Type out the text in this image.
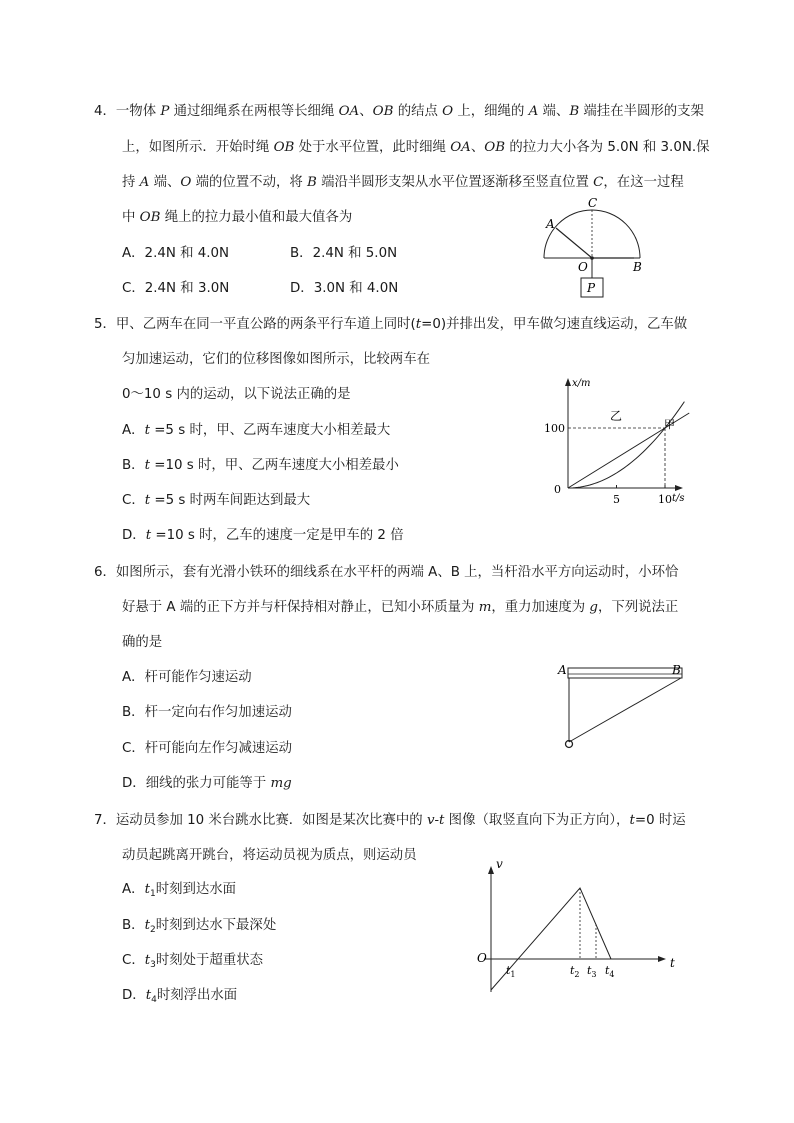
4．一物体 P 通过细绳系在两根等长细绳 OA、OB 的结点 O 上，细绳的 A 端、B 端挂在半圆形的支架
上，如图所示．开始时绳 OB 处于水平位置，此时细绳 OA、OB 的拉力大小各为 5.0N 和 3.0N.保
持 A 端、O 端的位置不动，将 B 端沿半圆形支架从水平位置逐渐移至竖直位置 C，在这一过程
中 OB 绳上的拉力最小值和最大值各为
A．2.4N 和 4.0N	B．2.4N 和 5.0N
C．2.4N 和 3.0N	D．3.0N 和 4.0N
C
A
O	B
P
5．甲、乙两车在同一平直公路的两条平行车道上同时(t=0)并排出发，甲车做匀速直线运动，乙车做
匀加速运动，它们的位移图像如图所示，比较两车在
0～10 s 内的运动，以下说法正确的是
A．t =5 s 时，甲、乙两车速度大小相差最大
B．t =10 s 时，甲、乙两车速度大小相差最小
C．t =5 s 时两车间距达到最大
D．t =10 s 时，乙车的速度一定是甲车的 2 倍
x/m
t/s
0
100
5	10
乙
甲
6．如图所示，套有光滑小铁环的细线系在水平杆的两端 A、B 上，当杆沿水平方向运动时，小环恰
好悬于 A 端的正下方并与杆保持相对静止，已知小环质量为 m，重力加速度为 g，下列说法正
确的是
A．杆可能作匀速运动
B．杆一定向右作匀加速运动
C．杆可能向左作匀减速运动
D．细线的张力可能等于 mg
A	B
7．运动员参加 10 米台跳水比赛．如图是某次比赛中的 v-t 图像（取竖直向下为正方向），t=0 时运
动员起跳离开跳台，将运动员视为质点，则运动员
A．$t_1$时刻到达水面
B．$t_2$时刻到达水下最深处
C．$t_3$时刻处于超重状态
D．$t_4$时刻浮出水面
v
t
O
$t_1$	$t_2$ $t_3$ $t_4$
